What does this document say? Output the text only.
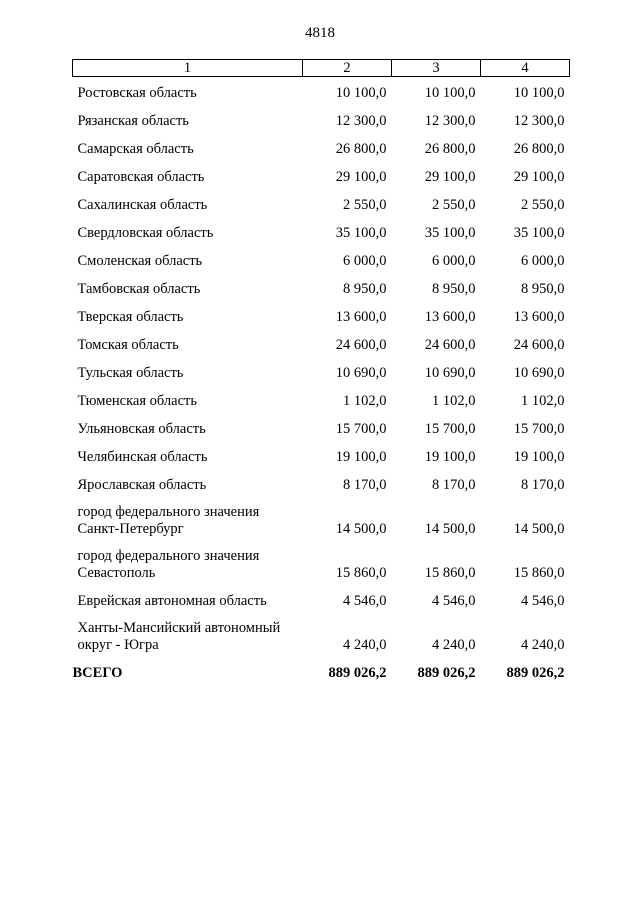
4818
1	2	3	4
Ростовская область	10 100,0	10 100,0	10 100,0
Рязанская область	12 300,0	12 300,0	12 300,0
Самарская область	26 800,0	26 800,0	26 800,0
Саратовская область	29 100,0	29 100,0	29 100,0
Сахалинская область	2 550,0	2 550,0	2 550,0
Свердловская область	35 100,0	35 100,0	35 100,0
Смоленская область	6 000,0	6 000,0	6 000,0
Тамбовская область	8 950,0	8 950,0	8 950,0
Тверская область	13 600,0	13 600,0	13 600,0
Томская область	24 600,0	24 600,0	24 600,0
Тульская область	10 690,0	10 690,0	10 690,0
Тюменская область	1 102,0	1 102,0	1 102,0
Ульяновская область	15 700,0	15 700,0	15 700,0
Челябинская область	19 100,0	19 100,0	19 100,0
Ярославская область	8 170,0	8 170,0	8 170,0
город федерального значения Санкт-Петербург	14 500,0	14 500,0	14 500,0
город федерального значения Севастополь	15 860,0	15 860,0	15 860,0
Еврейская автономная область	4 546,0	4 546,0	4 546,0
Ханты-Мансийский автономный округ - Югра	4 240,0	4 240,0	4 240,0
ВСЕГО	889 026,2	889 026,2	889 026,2
